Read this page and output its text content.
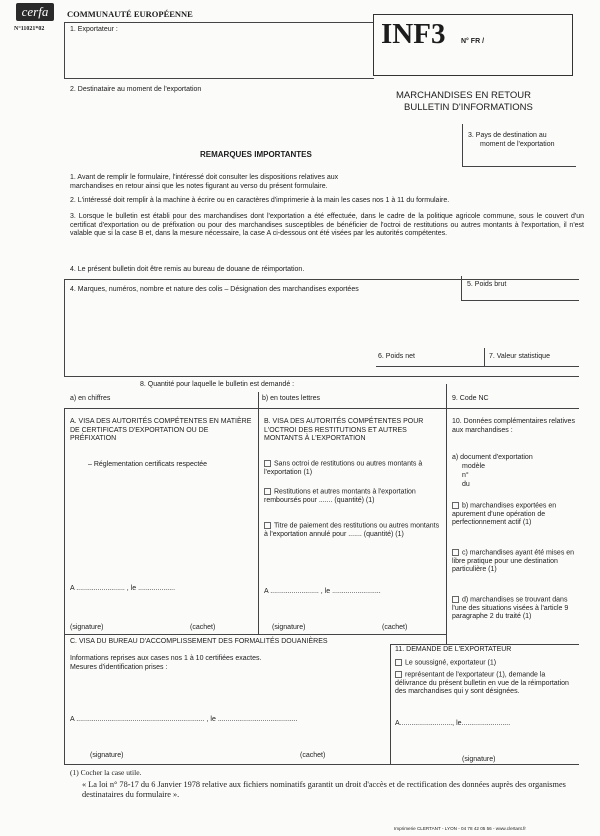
cerfa
N°11021*02
COMMUNAUTÉ EUROPÉENNE
INF3 N° FR /
1. Exportateur :
2. Destinataire au moment de l'exportation
MARCHANDISES EN RETOUR
BULLETIN D'INFORMATIONS
3. Pays de destination au
moment de l'exportation
REMARQUES IMPORTANTES
1. Avant de remplir le formulaire, l'intéressé doit consulter les dispositions relatives aux marchandises en retour ainsi que les notes figurant au verso du présent formulaire.
2. L'intéressé doit remplir à la machine à écrire ou en caractères d'imprimerie à la main les cases nos 1 à 11 du formulaire.
3. Lorsque le bulletin est établi pour des marchandises dont l'exportation a été effectuée, dans le cadre de la politique agricole commune, sous le couvert d'un certificat d'exportation ou de préfixation ou pour des marchandises susceptibles de bénéficier de l'octroi de restitutions ou autres montants à l'exportation, il n'est valable que si la case B et, dans la mesure nécessaire, la case A ci-dessous ont été visées par les autorités compétentes.
4. Le présent bulletin doit être remis au bureau de douane de réimportation.
4. Marques, numéros, nombre et nature des colis – Désignation des marchandises exportées
5. Poids brut
6. Poids net	7. Valeur statistique
8. Quantité pour laquelle le bulletin est demandé :
a) en chiffres	b) en toutes lettres	9. Code NC
A. VISA DES AUTORITÉS COMPÉTENTES EN MATIÈRE DE CERTIFICATS D'EXPORTATION OU DE PRÉFIXATION
– Réglementation certificats respectée
A ......................... , le ...................
(signature)	(cachet)
B. VISA DES AUTORITÉS COMPÉTENTES POUR L'OCTROI DES RESTITUTIONS ET AUTRES MONTANTS À L'EXPORTATION
Sans octroi de restitutions ou autres montants à l'exportation (1)
Restitutions et autres montants à l'exportation remboursés pour ....... (quantité) (1)
Titre de paiement des restitutions ou autres montants à l'exportation annulé pour ....... (quantité) (1)
A ......................... , le .........................
(signature)	(cachet)
10. Données complémentaires relatives aux marchandises :
a) document d'exportation
modèle
n°
du
b) marchandises exportées en apurement d'une opération de perfectionnement actif (1)
c) marchandises ayant été mises en libre pratique pour une destination particulière (1)
d) marchandises se trouvant dans l'une des situations visées à l'article 9 paragraphe 2 du traité (1)
C. VISA DU BUREAU D'ACCOMPLISSEMENT DES FORMALITÉS DOUANIÈRES
Informations reprises aux cases nos 1 à 10 certifiées exactes.
Mesures d'identification prises :
A .................................................................. , le .........................................
(signature)	(cachet)
11. DEMANDE DE L'EXPORTATEUR
Le soussigné, exportateur (1)
représentant de l'exportateur (1), demande la délivrance du présent bulletin en vue de la réimportation des marchandises qui y sont désignées.
A..........................., le.........................
(signature)
(1) Cocher la case utile.
« La loi n° 78-17 du 6 Janvier 1978 relative aux fichiers nominatifs garantit un droit d'accès et de rectification des données auprès des organismes destinataires du formulaire ».
Imprimerie CLERTANT - LYON - 04 78 42 05 56 - www.clertant.fr
